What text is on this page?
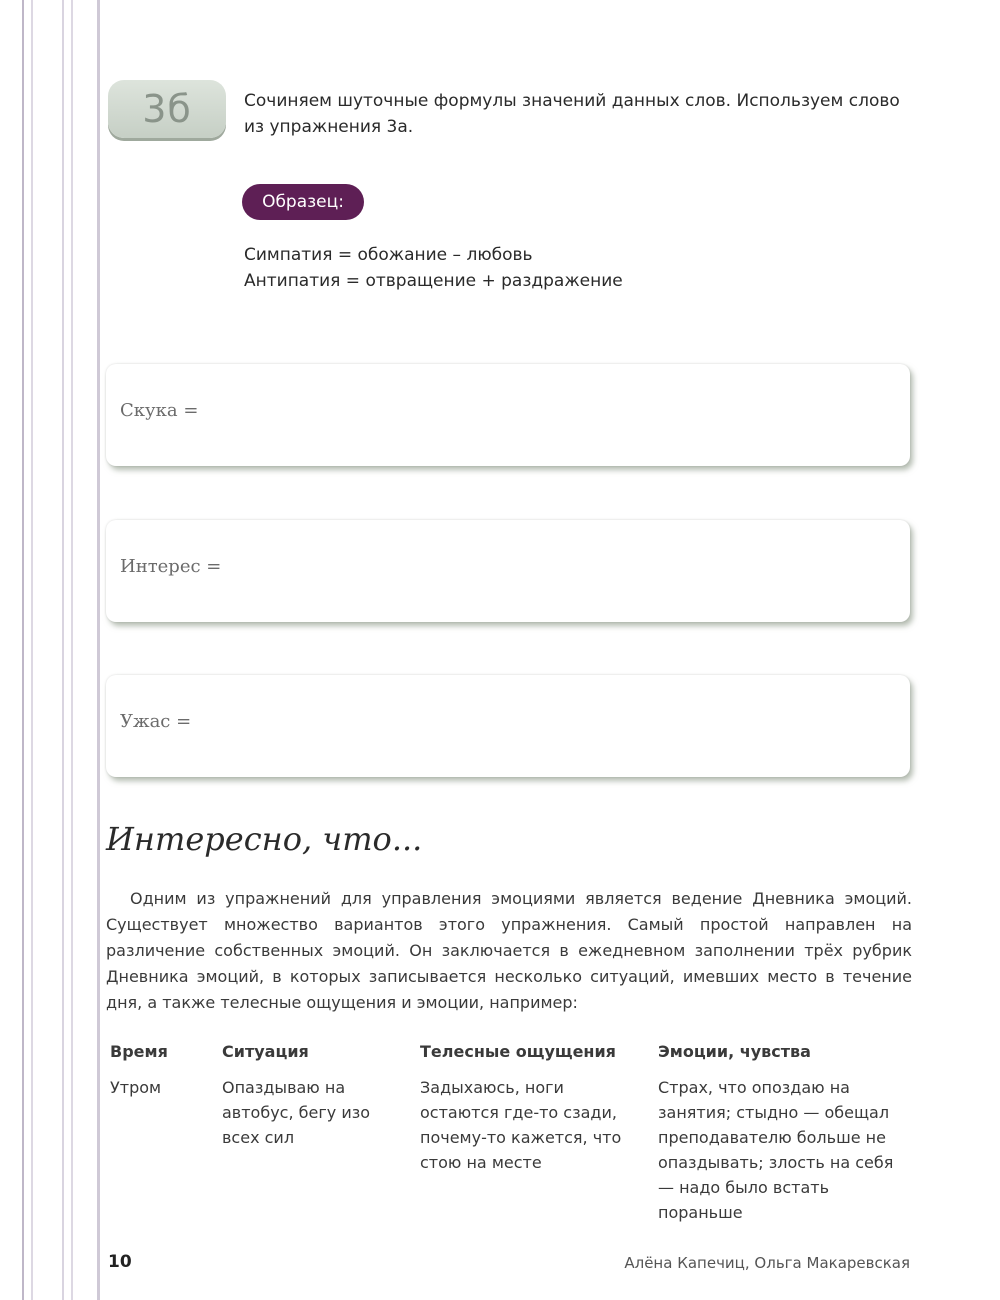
3б	Сочиняем шуточные формулы значений данных слов. Используем слово из упражнения 3а.
Образец:
Симпатия = обожание – любовь
Антипатия = отвращение + раздражение
Скука =
Интерес =
Ужас =
Интересно, что...
Одним из упражнений для управления эмоциями является ведение Дневника эмоций. Существует множество вариантов этого упражнения. Самый простой направлен на различение собственных эмоций. Он заключается в ежедневном заполнении трёх рубрик Дневника эмоций, в которых записывается несколько ситуаций, имевших место в течение дня, а также телесные ощущения и эмоции, например:
Время	Ситуация	Телесные ощущения	Эмоции, чувства
Утром	Опаздываю на автобус, бегу изо всех сил	Задыхаюсь, ноги остаются где-то сзади, почему-то кажется, что стою на месте	Страх, что опоздаю на занятия; стыдно — обещал преподавателю больше не опаздывать; злость на себя — надо было встать пораньше
10	Алёна Капечиц, Ольга Макаревская
